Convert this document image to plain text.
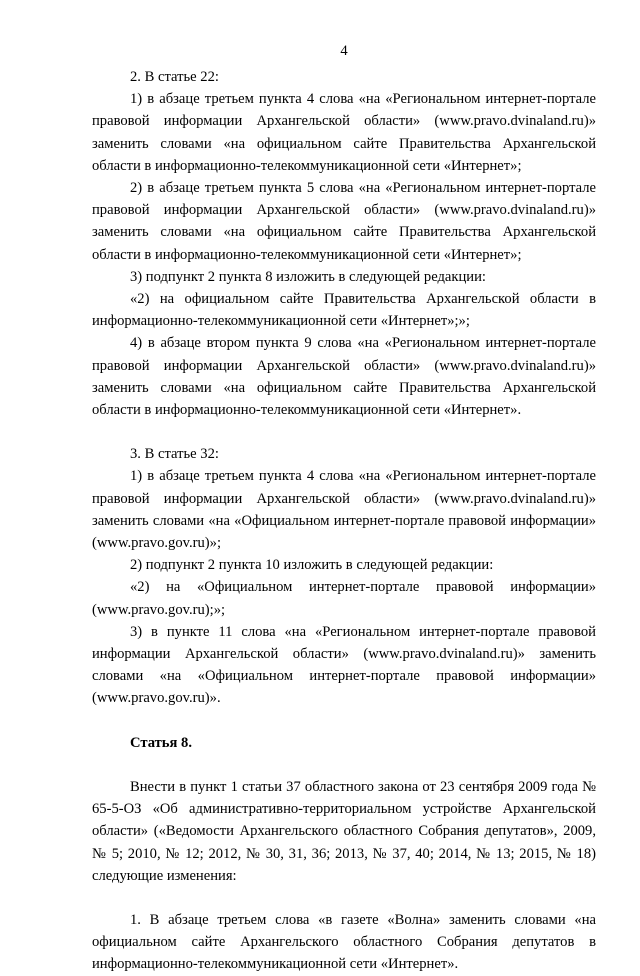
4

2. В статье 22:

1) в абзаце третьем пункта 4 слова «на «Региональном интернет-портале правовой информации Архангельской области» (www.pravo.dvinaland.ru)» заменить словами «на официальном сайте Правительства Архангельской области в информационно-телекоммуникационной сети «Интернет»;

2) в абзаце третьем пункта 5 слова «на «Региональном интернет-портале правовой информации Архангельской области» (www.pravo.dvinaland.ru)» заменить словами «на официальном сайте Правительства Архангельской области в информационно-телекоммуникационной сети «Интернет»;

3) подпункт 2 пункта 8 изложить в следующей редакции:

«2) на официальном сайте Правительства Архангельской области в информационно-телекоммуникационной сети «Интернет»;»;

4) в абзаце втором пункта 9 слова «на «Региональном интернет-портале правовой информации Архангельской области» (www.pravo.dvinaland.ru)» заменить словами «на официальном сайте Правительства Архангельской области в информационно-телекоммуникационной сети «Интернет».

3. В статье 32:

1) в абзаце третьем пункта 4 слова «на «Региональном интернет-портале правовой информации Архангельской области» (www.pravo.dvinaland.ru)» заменить словами «на «Официальном интернет-портале правовой информации» (www.pravo.gov.ru)»;

2) подпункт 2 пункта 10 изложить в следующей редакции:

«2) на «Официальном интернет-портале правовой информации» (www.pravo.gov.ru);»;

3) в пункте 11 слова «на «Региональном интернет-портале правовой информации Архангельской области» (www.pravo.dvinaland.ru)» заменить словами «на «Официальном интернет-портале правовой информации» (www.pravo.gov.ru)».

Статья 8.

Внести в пункт 1 статьи 37 областного закона от 23 сентября 2009 года № 65-5-ОЗ «Об административно-территориальном устройстве Архангельской области» («Ведомости Архангельского областного Собрания депутатов», 2009, № 5; 2010, № 12; 2012, № 30, 31, 36; 2013, № 37, 40; 2014, № 13; 2015, № 18) следующие изменения:

1. В абзаце третьем слова «в газете «Волна» заменить словами «на официальном сайте Архангельского областного Собрания депутатов в информационно-телекоммуникационной сети «Интернет».
